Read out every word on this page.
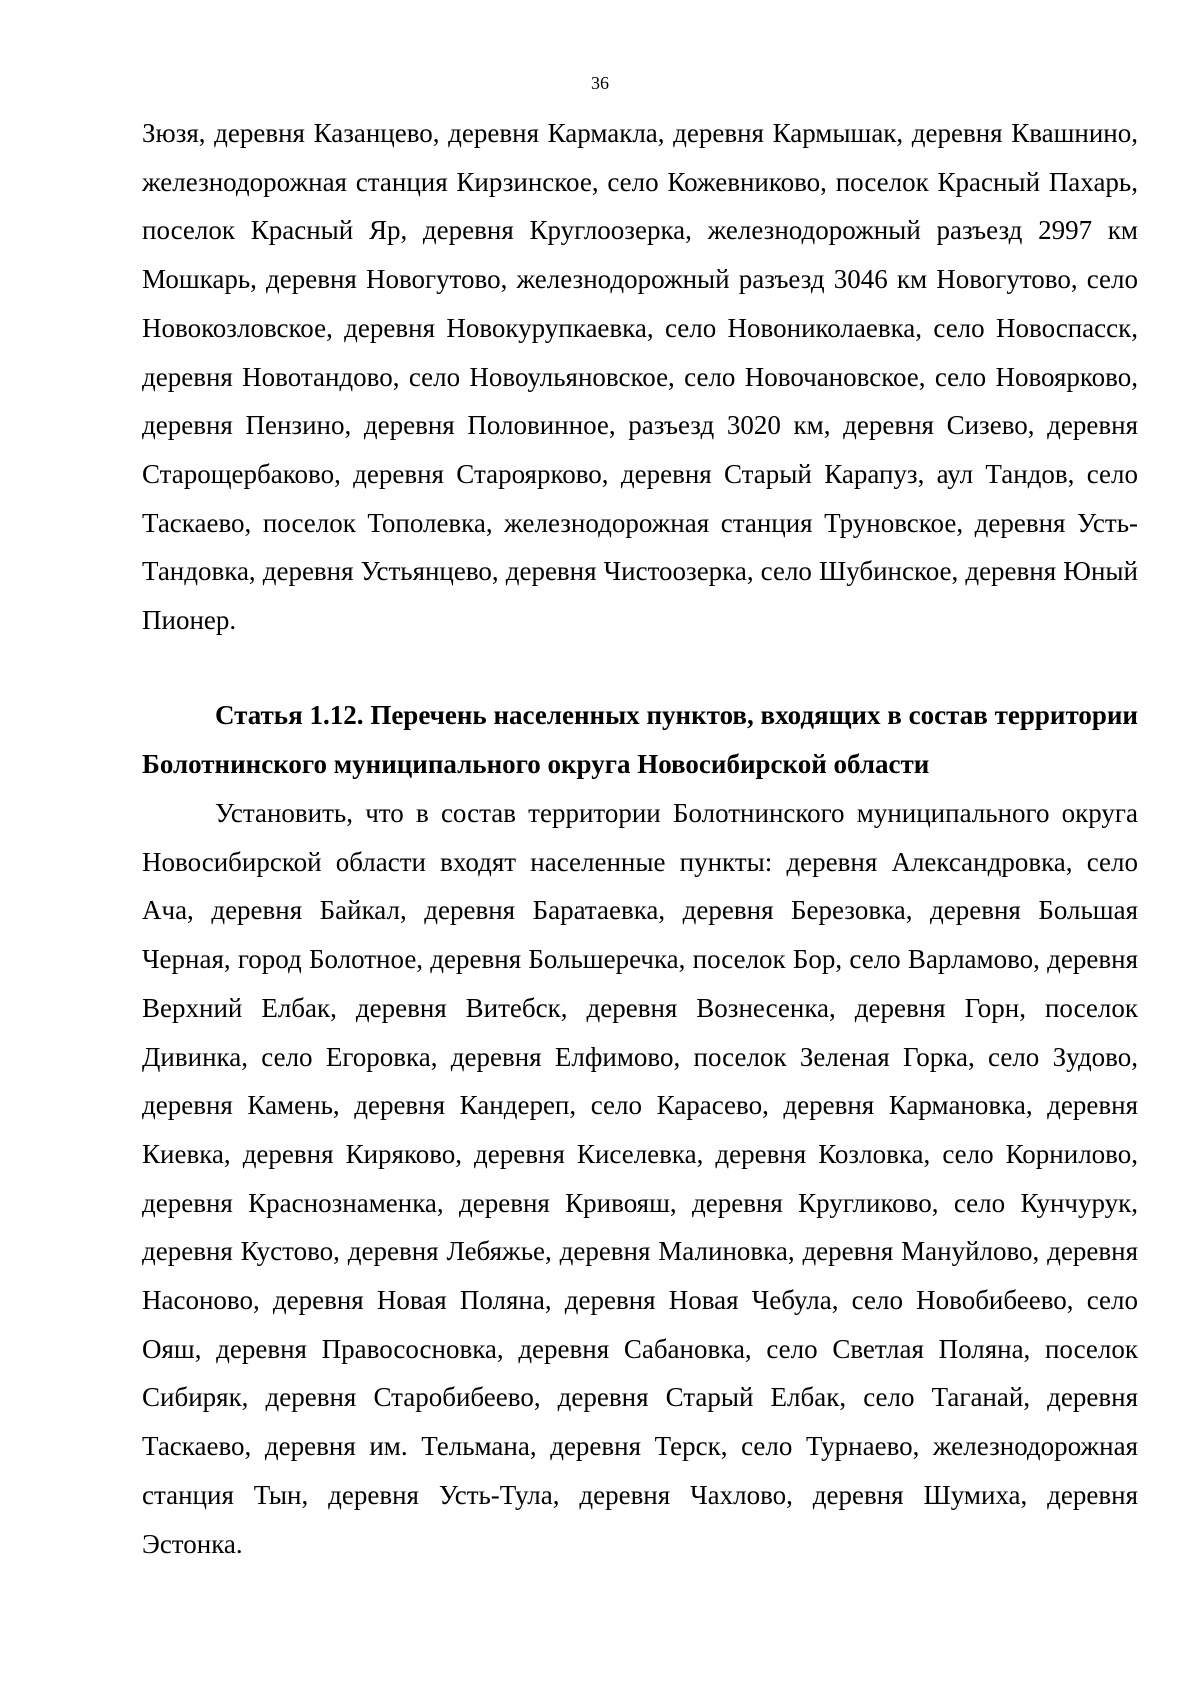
36

Зюзя, деревня Казанцево, деревня Кармакла, деревня Кармышак, деревня Квашнино, железнодорожная станция Кирзинское, село Кожевниково, поселок Красный Пахарь, поселок Красный Яр, деревня Круглоозерка, железнодорожный разъезд 2997 км Мошкарь, деревня Новогутово, железнодорожный разъезд 3046 км Новогутово, село Новокозловское, деревня Новокурупкаевка, село Новониколаевка, село Новоспасск, деревня Новотандово, село Новоульяновское, село Новочановское, село Новоярково, деревня Пензино, деревня Половинное, разъезд 3020 км, деревня Сизево, деревня Старощербаково, деревня Староярково, деревня Старый Карапуз, аул Тандов, село Таскаево, поселок Тополевка, железнодорожная станция Труновское, деревня Усть-Тандовка, деревня Устьянцево, деревня Чистоозерка, село Шубинское, деревня Юный Пионер.

Статья 1.12. Перечень населенных пунктов, входящих в состав территории Болотнинского муниципального округа Новосибирской области

Установить, что в состав территории Болотнинского муниципального округа Новосибирской области входят населенные пункты: деревня Александровка, село Ача, деревня Байкал, деревня Баратаевка, деревня Березовка, деревня Большая Черная, город Болотное, деревня Большеречка, поселок Бор, село Варламово, деревня Верхний Елбак, деревня Витебск, деревня Вознесенка, деревня Горн, поселок Дивинка, село Егоровка, деревня Елфимово, поселок Зеленая Горка, село Зудово, деревня Камень, деревня Кандереп, село Карасево, деревня Кармановка, деревня Киевка, деревня Киряково, деревня Киселевка, деревня Козловка, село Корнилово, деревня Краснознаменка, деревня Кривояш, деревня Кругликово, село Кунчурук, деревня Кустово, деревня Лебяжье, деревня Малиновка, деревня Мануйлово, деревня Насоново, деревня Новая Поляна, деревня Новая Чебула, село Новобибеево, село Ояш, деревня Правососновка, деревня Сабановка, село Светлая Поляна, поселок Сибиряк, деревня Старобибеево, деревня Старый Елбак, село Таганай, деревня Таскаево, деревня им. Тельмана, деревня Терск, село Турнаево, железнодорожная станция Тын, деревня Усть-Тула, деревня Чахлово, деревня Шумиха, деревня Эстонка.
